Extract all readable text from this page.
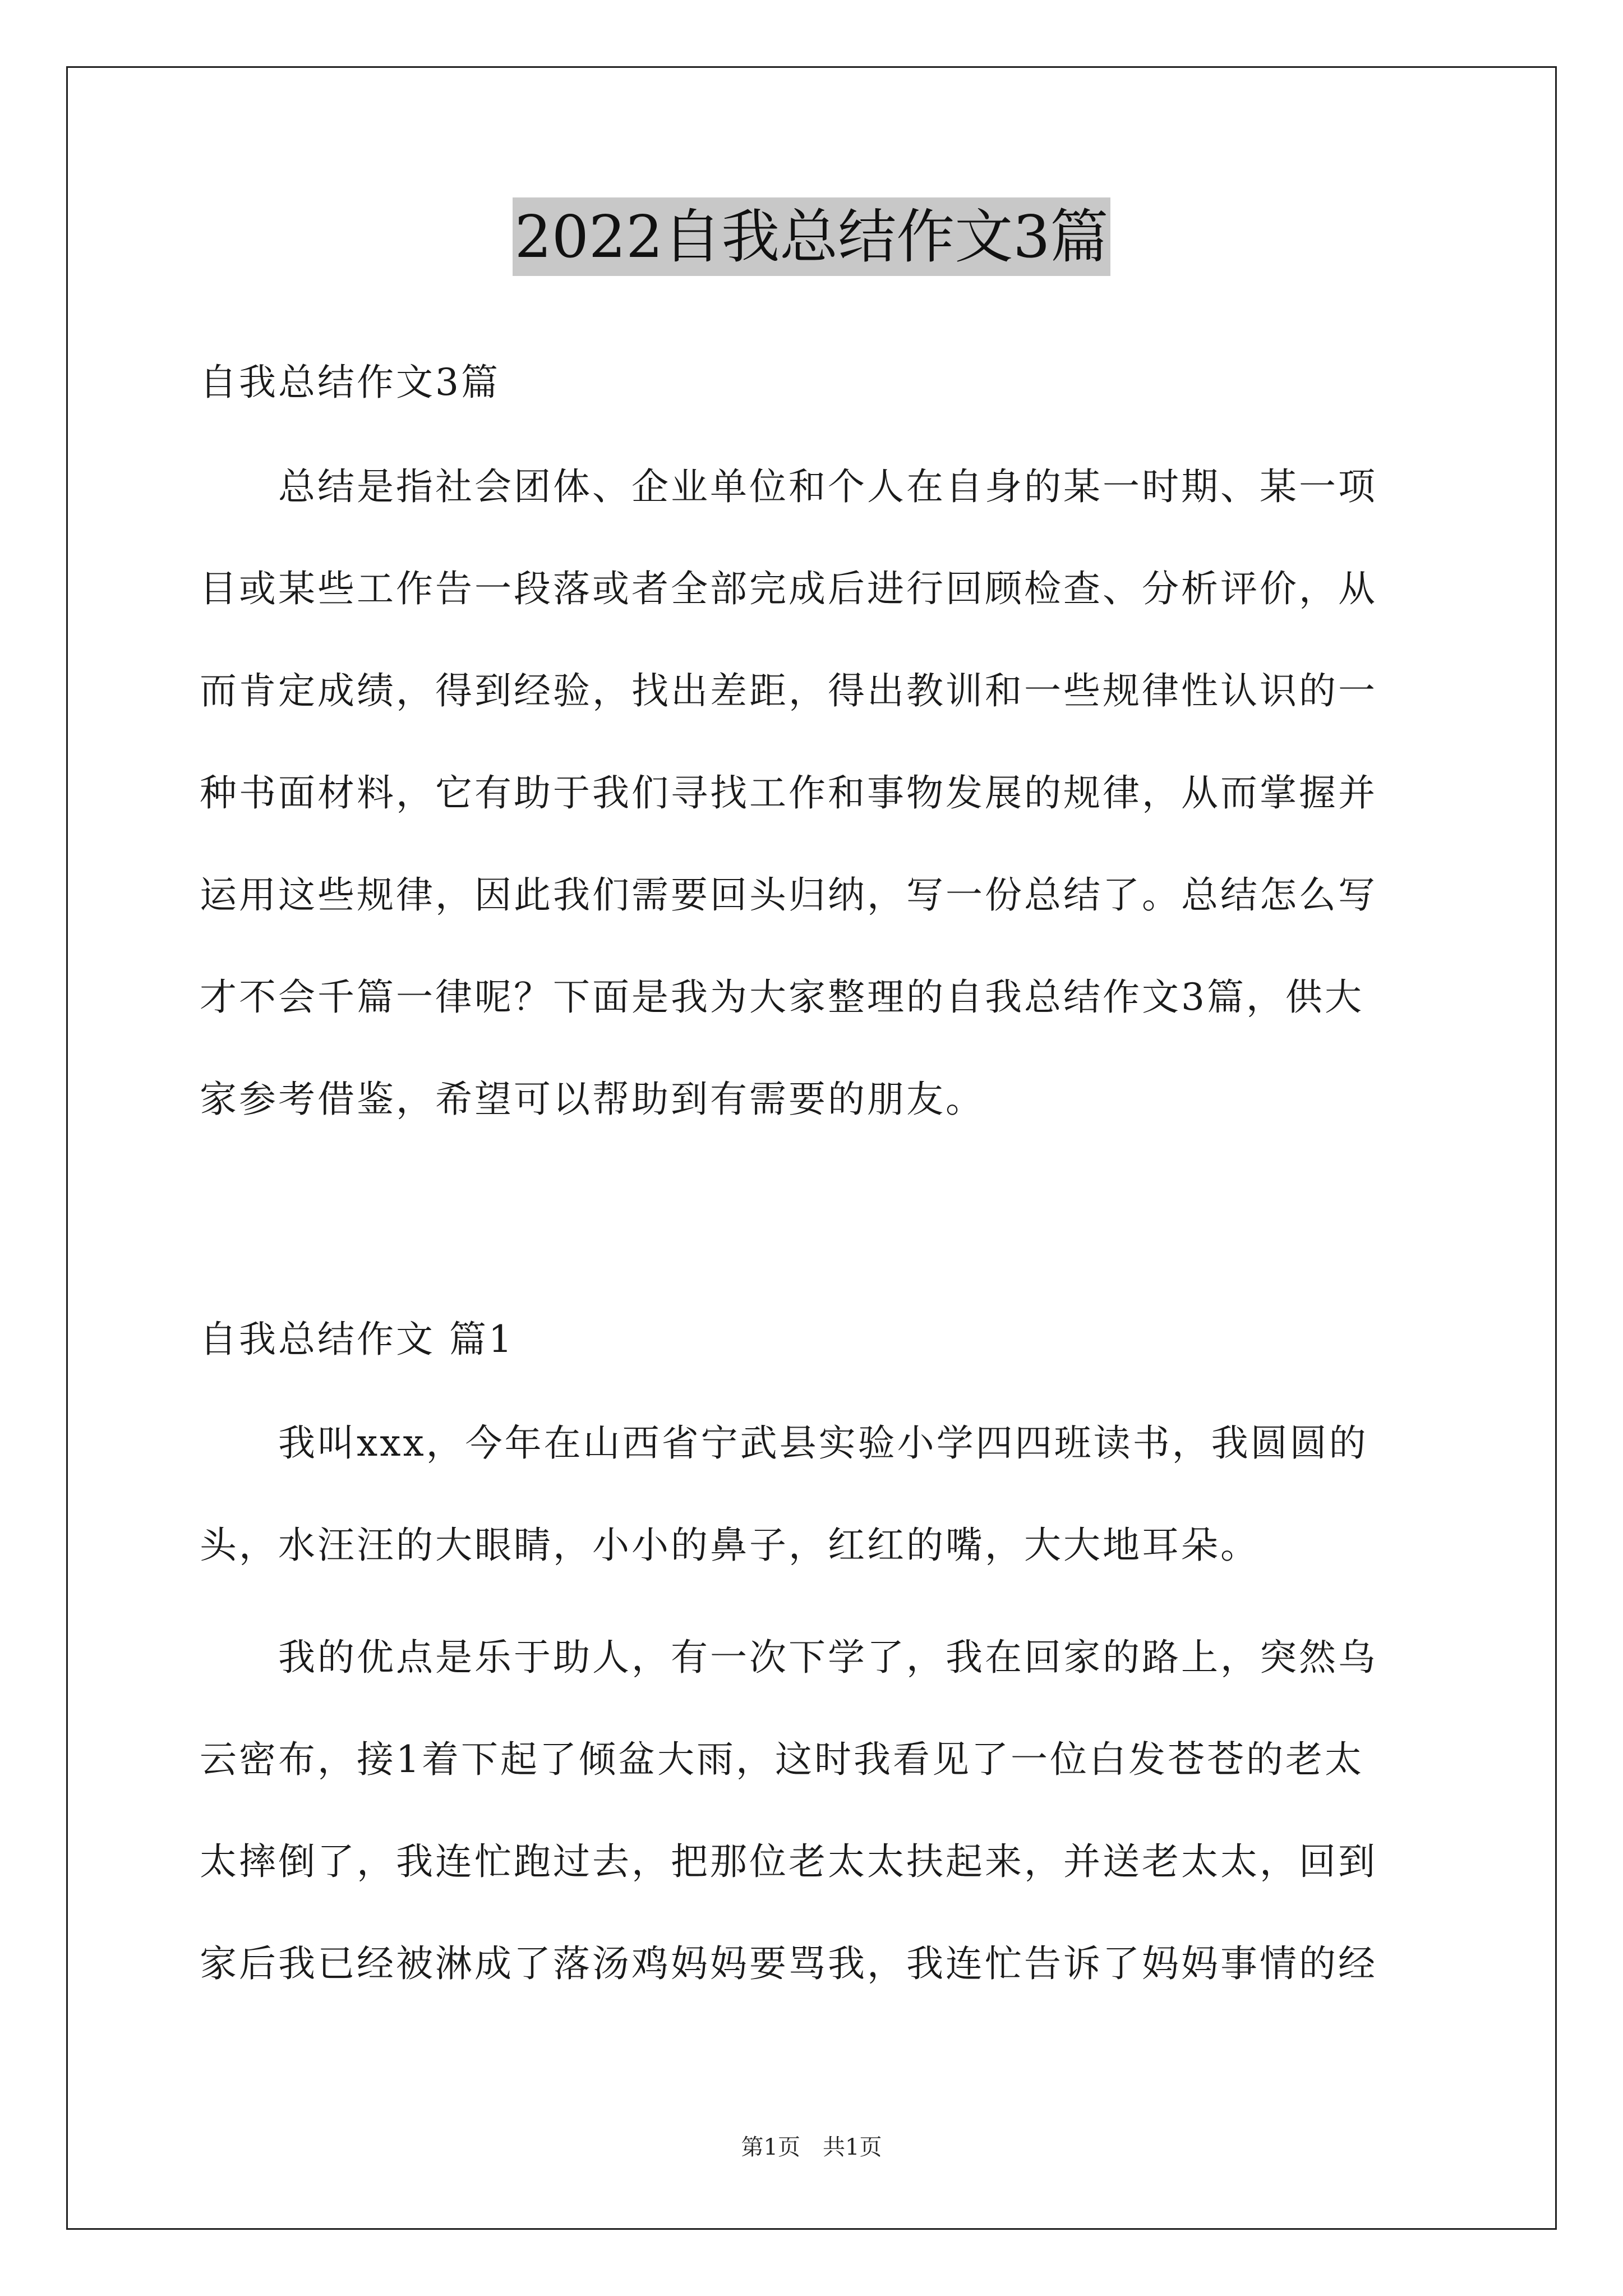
2022自我总结作文3篇
自我总结作文3篇
　　总结是指社会团体、企业单位和个人在自身的某一时期、某一项
目或某些工作告一段落或者全部完成后进行回顾检查、分析评价，从
而肯定成绩，得到经验，找出差距，得出教训和一些规律性认识的一
种书面材料，它有助于我们寻找工作和事物发展的规律，从而掌握并
运用这些规律，因此我们需要回头归纳，写一份总结了。总结怎么写
才不会千篇一律呢？下面是我为大家整理的自我总结作文3篇，供大
家参考借鉴，希望可以帮助到有需要的朋友。
自我总结作文 篇1
　　我叫xxx，今年在山西省宁武县实验小学四四班读书，我圆圆的
头，水汪汪的大眼睛，小小的鼻子，红红的嘴，大大地耳朵。
　　我的优点是乐于助人，有一次下学了，我在回家的路上，突然乌
云密布，接1着下起了倾盆大雨，这时我看见了一位白发苍苍的老太
太摔倒了，我连忙跑过去，把那位老太太扶起来，并送老太太，回到
家后我已经被淋成了落汤鸡妈妈要骂我，我连忙告诉了妈妈事情的经
第1页　共1页
